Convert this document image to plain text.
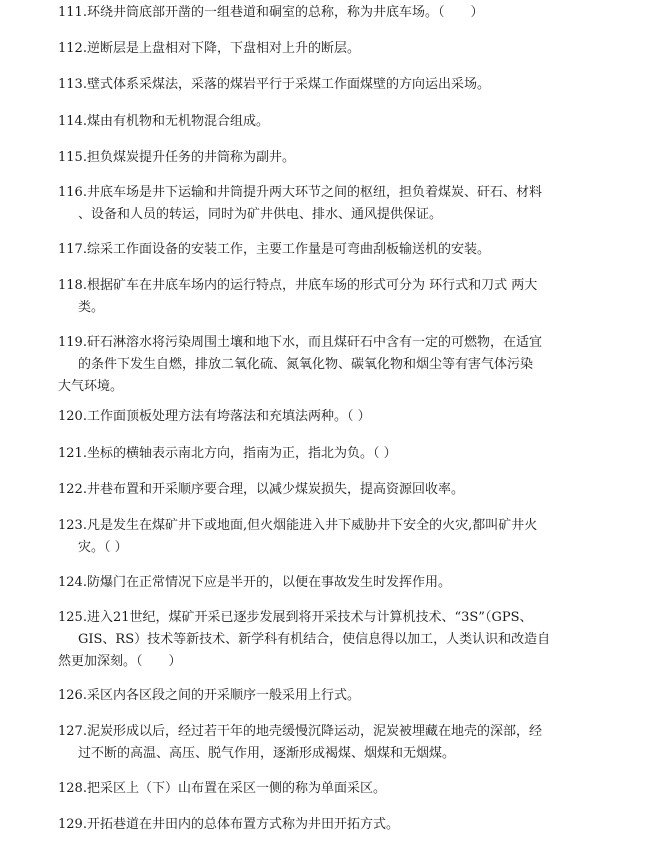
111.环绕井筒底部开凿的一组巷道和硐室的总称，称为井底车场。（　　）
112.逆断层是上盘相对下降，下盘相对上升的断层。
113.壁式体系采煤法，采落的煤岩平行于采煤工作面煤壁的方向运出采场。
114.煤由有机物和无机物混合组成。
115.担负煤炭提升任务的井筒称为副井。
116.井底车场是井下运输和井筒提升两大环节之间的枢纽，担负着煤炭、矸石、材料
、设备和人员的转运，同时为矿井供电、排水、通风提供保证。
117.综采工作面设备的安装工作，主要工作量是可弯曲刮板输送机的安装。
118.根据矿车在井底车场内的运行特点，井底车场的形式可分为 环行式和刀式 两大
类。
119.矸石淋溶水将污染周围土壤和地下水，而且煤矸石中含有一定的可燃物，在适宜
的条件下发生自燃，排放二氧化硫、氮氧化物、碳氧化物和烟尘等有害气体污染
大气环境。
120.工作面顶板处理方法有垮落法和充填法两种。（ ）
121.坐标的横轴表示南北方向，指南为正，指北为负。（ ）
122.井巷布置和开采顺序要合理，以减少煤炭损失，提高资源回收率。
123.凡是发生在煤矿井下或地面,但火烟能进入井下威胁井下安全的火灾,都叫矿井火
灾。（ ）
124.防爆门在正常情况下应是半开的，以便在事故发生时发挥作用。
125.进入21世纪，煤矿开采已逐步发展到将开采技术与计算机技术、“3S”（GPS、
GIS、RS）技术等新技术、新学科有机结合，使信息得以加工，人类认识和改造自
然更加深刻。（　　）
126.采区内各区段之间的开采顺序一般采用上行式。
127.泥炭形成以后，经过若干年的地壳缓慢沉降运动，泥炭被埋藏在地壳的深部，经
过不断的高温、高压、脱气作用，逐渐形成褐煤、烟煤和无烟煤。
128.把采区上（下）山布置在采区一侧的称为单面采区。
129.开拓巷道在井田内的总体布置方式称为井田开拓方式。
